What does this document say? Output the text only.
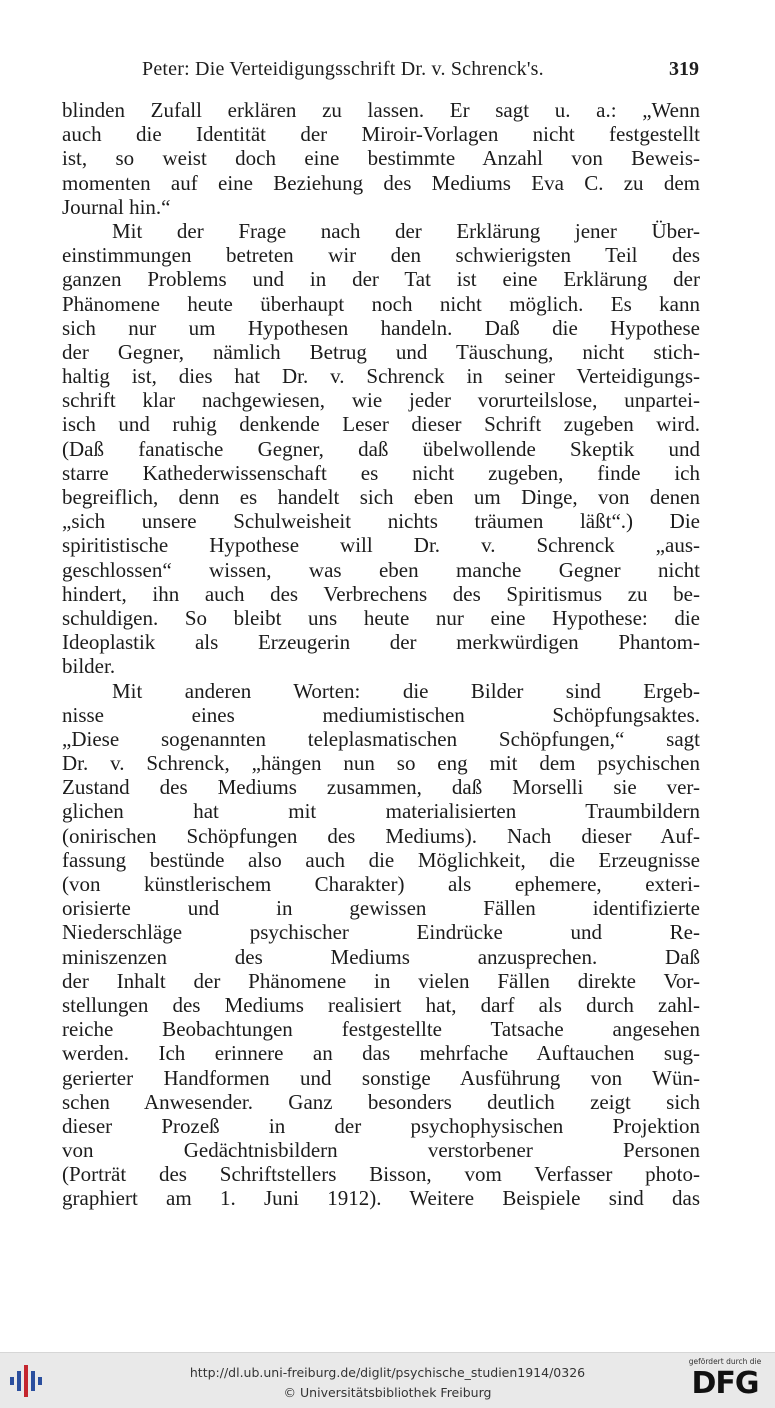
Peter: Die Verteidigungsschrift Dr. v. Schrenck's.	319
blinden Zufall erklären zu lassen. Er sagt u. a.: „Wenn
auch die Identität der Miroir-Vorlagen nicht festgestellt
ist, so weist doch eine bestimmte Anzahl von Beweis-
momenten auf eine Beziehung des Mediums Eva C. zu dem
Journal hin.“
Mit der Frage nach der Erklärung jener Über-
einstimmungen betreten wir den schwierigsten Teil des
ganzen Problems und in der Tat ist eine Erklärung der
Phänomene heute überhaupt noch nicht möglich. Es kann
sich nur um Hypothesen handeln. Daß die Hypothese
der Gegner, nämlich Betrug und Täuschung, nicht stich-
haltig ist, dies hat Dr. v. Schrenck in seiner Verteidigungs-
schrift klar nachgewiesen, wie jeder vorurteilslose, unpartei-
isch und ruhig denkende Leser dieser Schrift zugeben wird.
(Daß fanatische Gegner, daß übelwollende Skeptik und
starre Kathederwissenschaft es nicht zugeben, finde ich
begreiflich, denn es handelt sich eben um Dinge, von denen
„sich unsere Schulweisheit nichts träumen läßt“.) Die
spiritistische Hypothese will Dr. v. Schrenck „aus-
geschlossen“ wissen, was eben manche Gegner nicht
hindert, ihn auch des Verbrechens des Spiritismus zu be-
schuldigen. So bleibt uns heute nur eine Hypothese: die
Ideoplastik als Erzeugerin der merkwürdigen Phantom-
bilder.
Mit anderen Worten: die Bilder sind Ergeb-
nisse eines mediumistischen Schöpfungsaktes.
„Diese sogenannten teleplasmatischen Schöpfungen,“ sagt
Dr. v. Schrenck, „hängen nun so eng mit dem psychischen
Zustand des Mediums zusammen, daß Morselli sie ver-
glichen hat mit materialisierten Traumbildern
(onirischen Schöpfungen des Mediums). Nach dieser Auf-
fassung bestünde also auch die Möglichkeit, die Erzeugnisse
(von künstlerischem Charakter) als ephemere, exteri-
orisierte und in gewissen Fällen identifizierte
Niederschläge psychischer Eindrücke und Re-
miniszenzen des Mediums anzusprechen. Daß
der Inhalt der Phänomene in vielen Fällen direkte Vor-
stellungen des Mediums realisiert hat, darf als durch zahl-
reiche Beobachtungen festgestellte Tatsache angesehen
werden. Ich erinnere an das mehrfache Auftauchen sug-
gerierter Handformen und sonstige Ausführung von Wün-
schen Anwesender. Ganz besonders deutlich zeigt sich
dieser Prozeß in der psychophysischen Projektion
von Gedächtnisbildern verstorbener Personen
(Porträt des Schriftstellers Bisson, vom Verfasser photo-
graphiert am 1. Juni 1912). Weitere Beispiele sind das
http://dl.ub.uni-freiburg.de/diglit/psychische_studien1914/0326
© Universitätsbibliothek Freiburg
gefördert durch die
DFG
